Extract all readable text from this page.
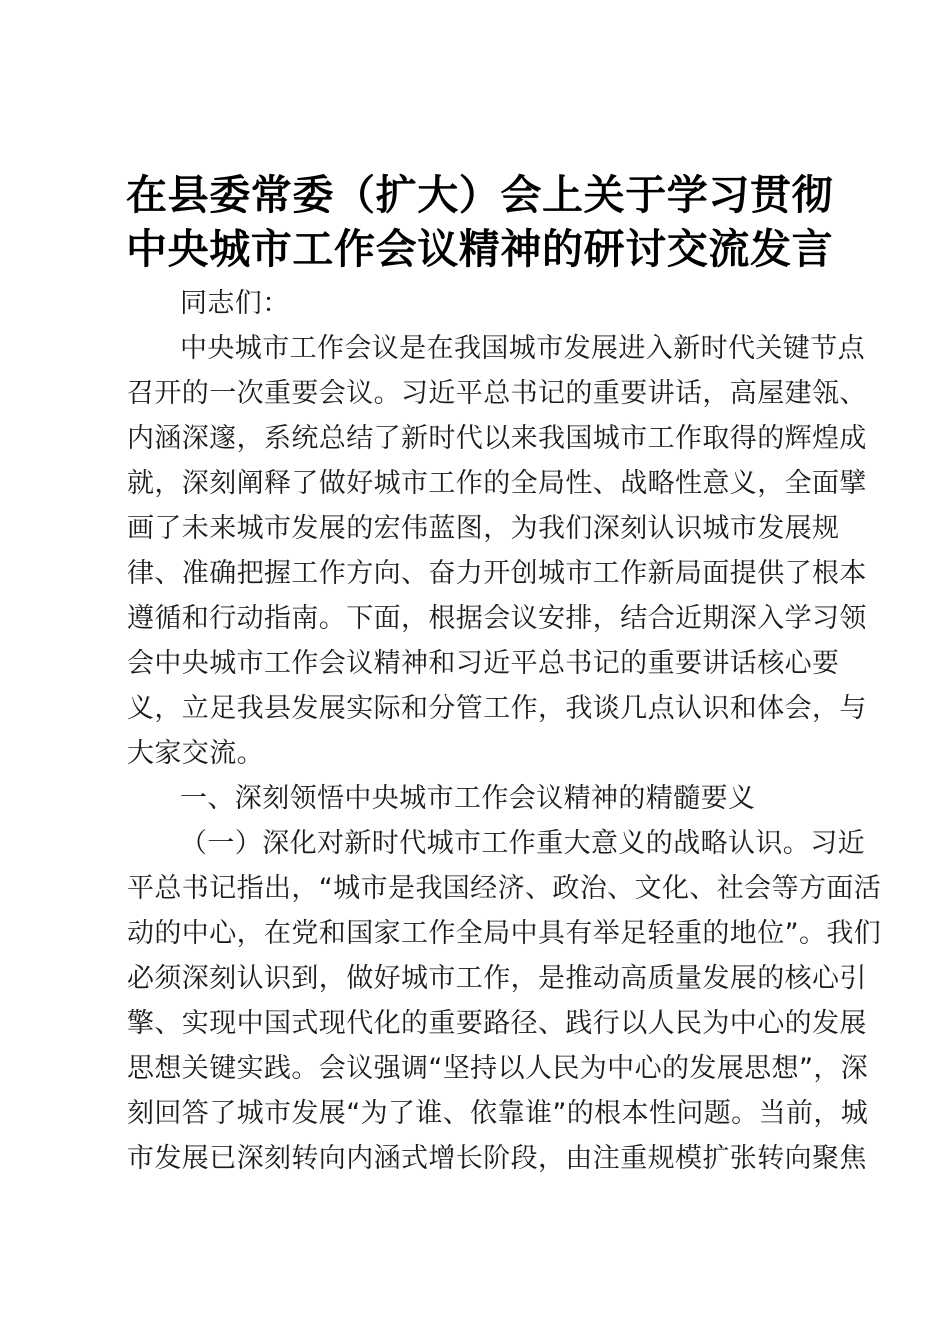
在县委常委（扩大）会上关于学习贯彻
中央城市工作会议精神的研讨交流发言
同志们：
中央城市工作会议是在我国城市发展进入新时代关键节点
召开的一次重要会议。习近平总书记的重要讲话，高屋建瓴、
内涵深邃，系统总结了新时代以来我国城市工作取得的辉煌成
就，深刻阐释了做好城市工作的全局性、战略性意义，全面擘
画了未来城市发展的宏伟蓝图，为我们深刻认识城市发展规
律、准确把握工作方向、奋力开创城市工作新局面提供了根本
遵循和行动指南。下面，根据会议安排，结合近期深入学习领
会中央城市工作会议精神和习近平总书记的重要讲话核心要
义，立足我县发展实际和分管工作，我谈几点认识和体会，与
大家交流。
一、深刻领悟中央城市工作会议精神的精髓要义
（一）深化对新时代城市工作重大意义的战略认识。习近
平总书记指出，“城市是我国经济、政治、文化、社会等方面活
动的中心，在党和国家工作全局中具有举足轻重的地位”。我们
必须深刻认识到，做好城市工作，是推动高质量发展的核心引
擎、实现中国式现代化的重要路径、践行以人民为中心的发展
思想关键实践。会议强调“坚持以人民为中心的发展思想”，深
刻回答了城市发展“为了谁、依靠谁”的根本性问题。当前，城
市发展已深刻转向内涵式增长阶段，由注重规模扩张转向聚焦
